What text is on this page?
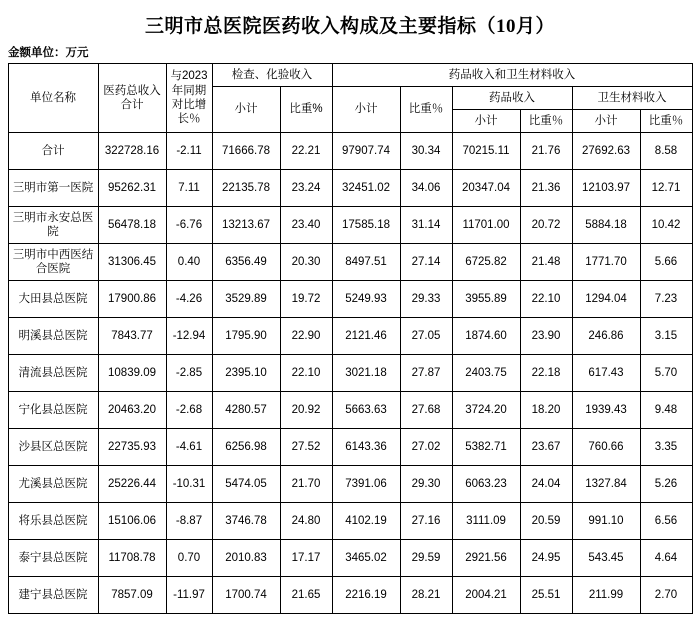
三明市总医院医药收入构成及主要指标（10月）
金额单位：万元
单位名称	医药总收入合计	与2023年同期对比增长％	检查、化验收入		药品收入和卫生材料收入					
			小计	比重%	小计	比重％	药品收入		卫生材料收入	
							小计	比重％	小计	比重％
合计	322728.16	-2.11	71666.78	22.21	97907.74	30.34	70215.11	21.76	27692.63	8.58
三明市第一医院	95262.31	7.11	22135.78	23.24	32451.02	34.06	20347.04	21.36	12103.97	12.71
三明市永安总医院	56478.18	-6.76	13213.67	23.40	17585.18	31.14	11701.00	20.72	5884.18	10.42
三明市中西医结合医院	31306.45	0.40	6356.49	20.30	8497.51	27.14	6725.82	21.48	1771.70	5.66
大田县总医院	17900.86	-4.26	3529.89	19.72	5249.93	29.33	3955.89	22.10	1294.04	7.23
明溪县总医院	7843.77	-12.94	1795.90	22.90	2121.46	27.05	1874.60	23.90	246.86	3.15
清流县总医院	10839.09	-2.85	2395.10	22.10	3021.18	27.87	2403.75	22.18	617.43	5.70
宁化县总医院	20463.20	-2.68	4280.57	20.92	5663.63	27.68	3724.20	18.20	1939.43	9.48
沙县区总医院	22735.93	-4.61	6256.98	27.52	6143.36	27.02	5382.71	23.67	760.66	3.35
尤溪县总医院	25226.44	-10.31	5474.05	21.70	7391.06	29.30	6063.23	24.04	1327.84	5.26
将乐县总医院	15106.06	-8.87	3746.78	24.80	4102.19	27.16	3111.09	20.59	991.10	6.56
泰宁县总医院	11708.78	0.70	2010.83	17.17	3465.02	29.59	2921.56	24.95	543.45	4.64
建宁县总医院	7857.09	-11.97	1700.74	21.65	2216.19	28.21	2004.21	25.51	211.99	2.70
